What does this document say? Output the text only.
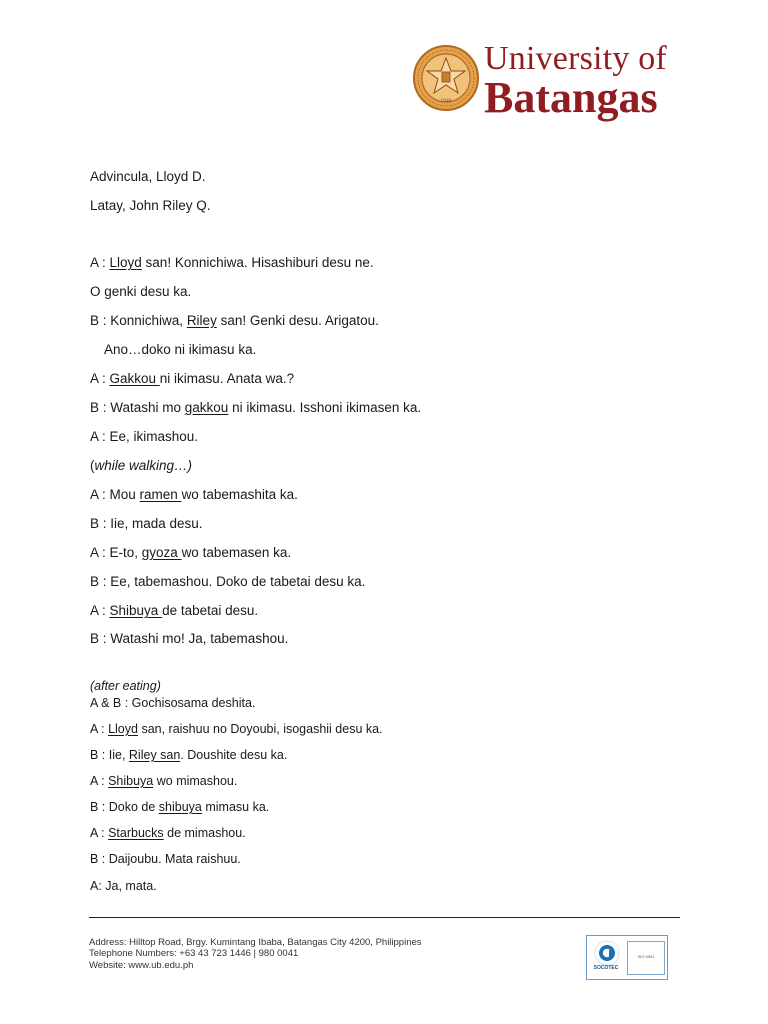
1946
University of
Batangas
Advincula, Lloyd D.
Latay, John Riley Q.
A : Lloyd san! Konnichiwa. Hisashiburi desu ne.
O genki desu ka.
B : Konnichiwa, Riley san! Genki desu. Arigatou.
Ano…doko ni ikimasu ka.
A : Gakkou ni ikimasu. Anata wa.?
B : Watashi mo gakkou ni ikimasu. Isshoni ikimasen ka.
A : Ee, ikimashou.
(while walking…)
A : Mou ramen wo tabemashita ka.
B : Iie, mada desu.
A : E-to, gyoza wo tabemasen ka.
B : Ee, tabemashou. Doko de tabetai desu ka.
A : Shibuya de tabetai desu.
B : Watashi mo! Ja, tabemashou.
(after eating)
A & B : Gochisosama deshita.
A : Lloyd san, raishuu no Doyoubi, isogashii desu ka.
B : Iie, Riley san. Doushite desu ka.
A : Shibuya wo mimashou.
B : Doko de shibuya mimasu ka.
A : Starbucks de mimashou.
B : Daijoubu. Mata raishuu.
A: Ja, mata.
Address: Hilltop Road, Brgy. Kumintang Ibaba, Batangas City 4200, Philippines
Telephone Numbers: +63 43 723 1446 | 980 0041
Website: www.ub.edu.ph	SOCOTEC
ISO 9001
